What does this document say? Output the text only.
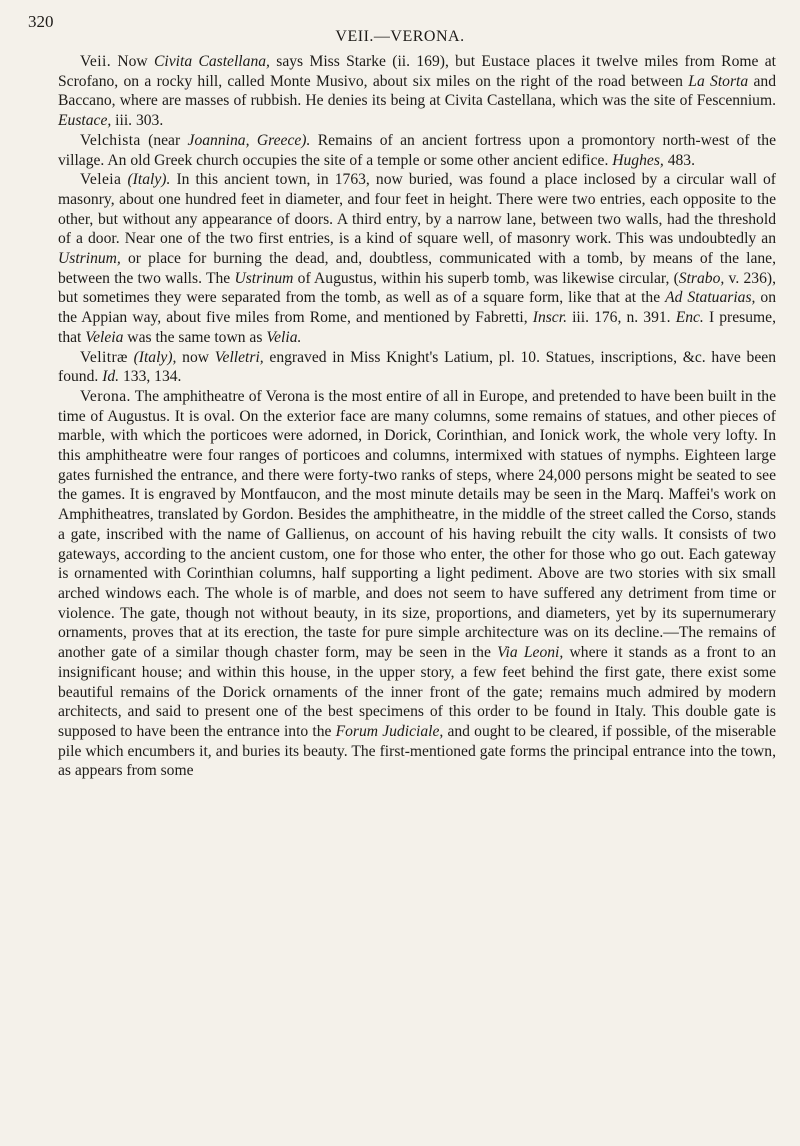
320
VEII.—VERONA.

Veii. Now Civita Castellana, says Miss Starke (ii. 169), but Eustace places it twelve miles from Rome at Scrofano, on a rocky hill, called Monte Musivo, about six miles on the right of the road between La Storta and Baccano, where are masses of rubbish. He denies its being at Civita Castellana, which was the site of Fescennium. Eustace, iii. 303.

Velchista (near Joannina, Greece). Remains of an ancient fortress upon a promontory north-west of the village. An old Greek church occupies the site of a temple or some other ancient edifice. Hughes, 483.

Veleia (Italy). In this ancient town, in 1763, now buried, was found a place inclosed by a circular wall of masonry, about one hundred feet in diameter, and four feet in height. There were two entries, each opposite to the other, but without any appearance of doors. A third entry, by a narrow lane, between two walls, had the threshold of a door. Near one of the two first entries, is a kind of square well, of masonry work. This was undoubtedly an Ustrinum, or place for burning the dead, and, doubtless, communicated with a tomb, by means of the lane, between the two walls. The Ustrinum of Augustus, within his superb tomb, was likewise circular, (Strabo, v. 236), but sometimes they were separated from the tomb, as well as of a square form, like that at the Ad Statuarias, on the Appian way, about five miles from Rome, and mentioned by Fabretti, Inscr. iii. 176, n. 391. Enc. I presume, that Veleia was the same town as Velia.

Velitræ (Italy), now Velletri, engraved in Miss Knight's Latium, pl. 10. Statues, inscriptions, &c. have been found. Id. 133, 134.

Verona. The amphitheatre of Verona is the most entire of all in Europe, and pretended to have been built in the time of Augustus. It is oval. On the exterior face are many columns, some remains of statues, and other pieces of marble, with which the porticoes were adorned, in Dorick, Corinthian, and Ionick work, the whole very lofty. In this amphitheatre were four ranges of porticoes and columns, intermixed with statues of nymphs. Eighteen large gates furnished the entrance, and there were forty-two ranks of steps, where 24,000 persons might be seated to see the games. It is engraved by Montfaucon, and the most minute details may be seen in the Marq. Maffei's work on Amphitheatres, translated by Gordon. Besides the amphitheatre, in the middle of the street called the Corso, stands a gate, inscribed with the name of Gallienus, on account of his having rebuilt the city walls. It consists of two gateways, according to the ancient custom, one for those who enter, the other for those who go out. Each gateway is ornamented with Corinthian columns, half supporting a light pediment. Above are two stories with six small arched windows each. The whole is of marble, and does not seem to have suffered any detriment from time or violence. The gate, though not without beauty, in its size, proportions, and diameters, yet by its supernumerary ornaments, proves that at its erection, the taste for pure simple architecture was on its decline.—The remains of another gate of a similar though chaster form, may be seen in the Via Leoni, where it stands as a front to an insignificant house; and within this house, in the upper story, a few feet behind the first gate, there exist some beautiful remains of the Dorick ornaments of the inner front of the gate; remains much admired by modern architects, and said to present one of the best specimens of this order to be found in Italy. This double gate is supposed to have been the entrance into the Forum Judiciale, and ought to be cleared, if possible, of the miserable pile which encumbers it, and buries its beauty. The first-mentioned gate forms the principal entrance into the town, as appears from some
